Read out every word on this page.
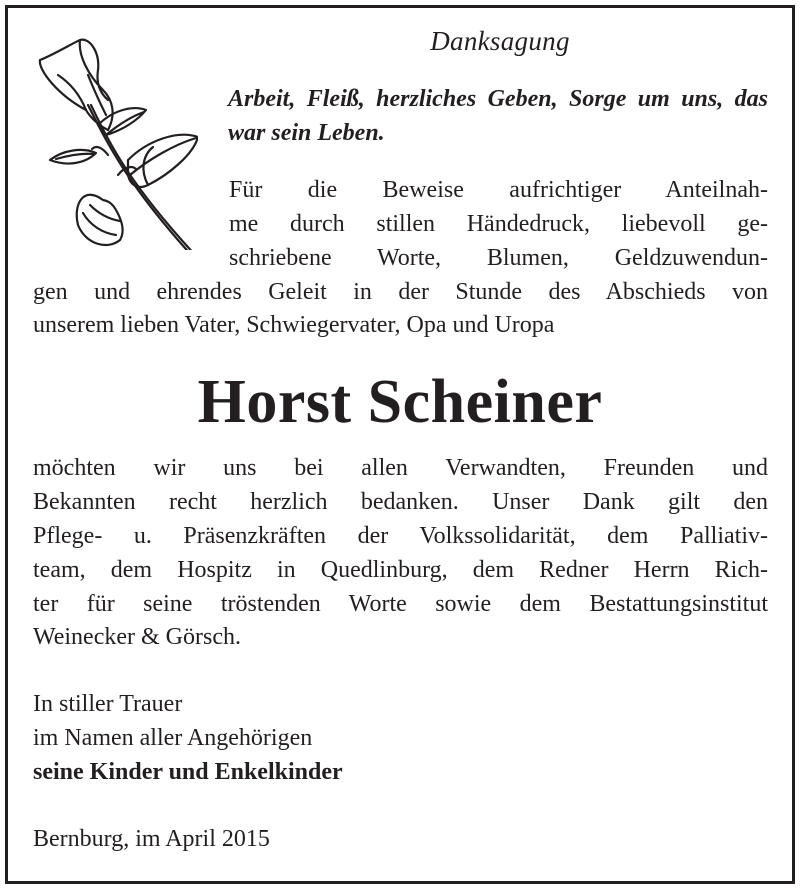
Danksagung
Arbeit, Fleiß, herzliches Geben, Sorge um uns, das war sein Leben.
Für die Beweise aufrichtiger Anteilnah-
me durch stillen Händedruck, liebevoll ge-
schriebene Worte, Blumen, Geldzuwendun-
gen und ehrendes Geleit in der Stunde des Abschieds von
unserem lieben Vater, Schwiegervater, Opa und Uropa
Horst Scheiner
möchten wir uns bei allen Verwandten, Freunden und
Bekannten recht herzlich bedanken. Unser Dank gilt den
Pflege- u. Präsenzkräften der Volkssolidarität, dem Palliativ-
team, dem Hospitz in Quedlinburg, dem Redner Herrn Rich-
ter für seine tröstenden Worte sowie dem Bestattungsinstitut
Weinecker & Görsch.
In stiller Trauer
im Namen aller Angehörigen
seine Kinder und Enkelkinder
Bernburg, im April 2015
